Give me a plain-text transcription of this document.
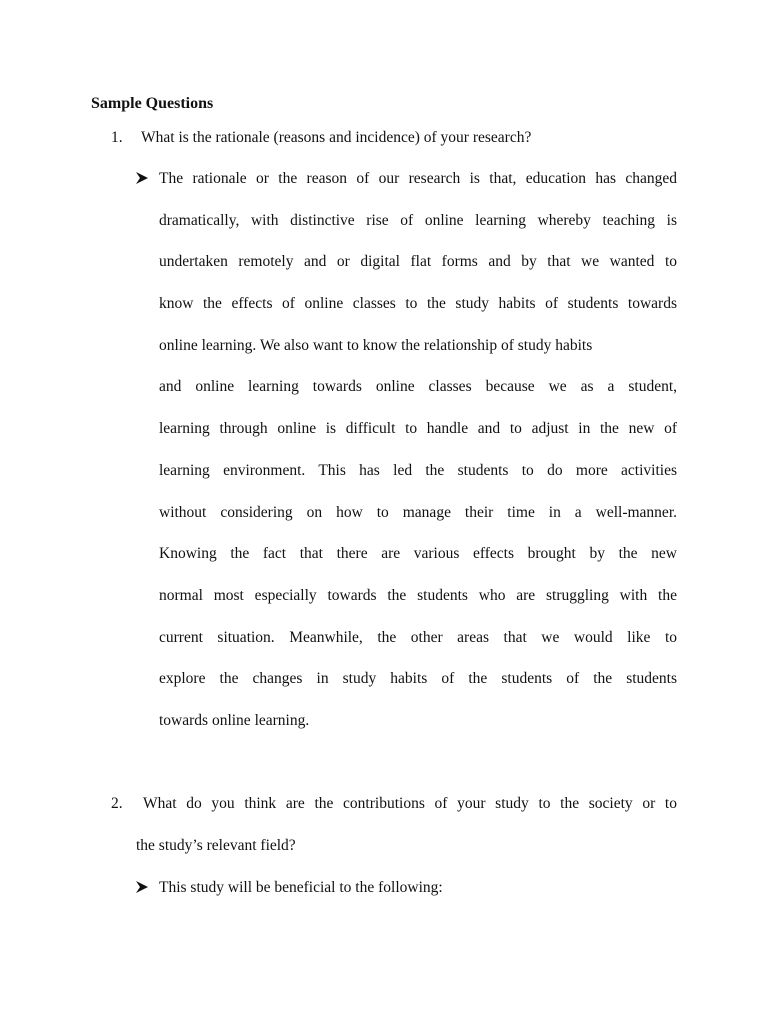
Sample Questions
1. What is the rationale (reasons and incidence) of your research?
The rationale or the reason of our research is that, education has changed
dramatically, with distinctive rise of online learning whereby teaching is
undertaken remotely and or digital flat forms and by that we wanted to
know the effects of online classes to the study habits of students towards
online learning. We also want to know the relationship of study habits
and online learning towards online classes because we as a student,
learning through online is difficult to handle and to adjust in the new of
learning environment. This has led the students to do more activities
without considering on how to manage their time in a well-manner.
Knowing the fact that there are various effects brought by the new
normal most especially towards the students who are struggling with the
current situation. Meanwhile, the other areas that we would like to
explore the changes in study habits of the students of the students
towards online learning.
2. What do you think are the contributions of your study to the society or to
the study’s relevant field?
This study will be beneficial to the following:
